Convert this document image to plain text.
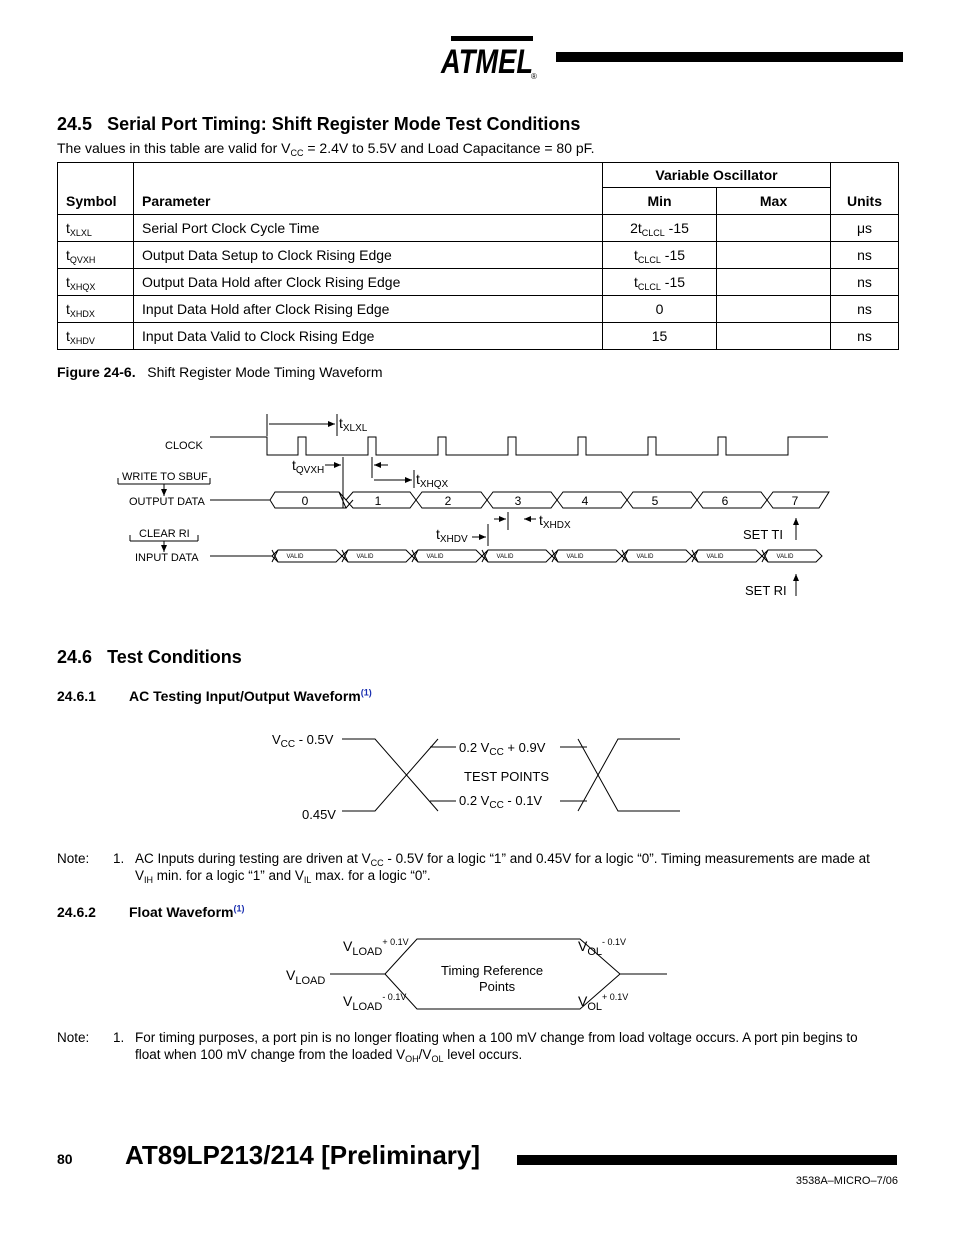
ATMEL
®
24.5 Serial Port Timing: Shift Register Mode Test Conditions
The values in this table are valid for $V_{CC} = 2.4V$ to 5.5V and Load Capacitance = 80 pF.
Symbol	Parameter	Variable Oscillator		Units
		Min	Max	
$t_{XLXL}$	Serial Port Clock Cycle Time	$2t_{CLCL}$ -15		μs
$t_{QVXH}$	Output Data Setup to Clock Rising Edge	$t_{CLCL}$ -15		ns
$t_{XHQX}$	Output Data Hold after Clock Rising Edge	$t_{CLCL}$ -15		ns
$t_{XHDX}$	Input Data Hold after Clock Rising Edge	0		ns
$t_{XHDV}$	Input Data Valid to Clock Rising Edge	15		ns
Figure 24-6. Shift Register Mode Timing Waveform
CLOCK
WRITE TO SBUF
OUTPUT DATA
CLEAR RI
INPUT DATA
$t_{XLXL}$
$t_{QVXH}$
$t_{XHQX}$
$t_{XHDX}$
$t_{XHDV}$
0	1	2	3	4	5	6	7
VALID	VALID	VALID	VALID	VALID	VALID	VALID	VALID
SET TI
SET RI
24.6 Test Conditions
24.6.1 AC Testing Input/Output Waveform$^{(1)}$
$V_{CC} - 0.5V$
0.45V
0.2 $V_{CC} + 0.9V$
TEST POINTS
0.2 $V_{CC} - 0.1V$
Note: 1. AC Inputs during testing are driven at $V_{CC} - 0.5V$ for a logic “1” and 0.45V for a logic “0”. Timing measurements are made at
$V_{IH}$ min. for a logic “1” and $V_{IL}$ max. for a logic “0”.
24.6.2 Float Waveform$^{(1)}$
$V_{LOAD}^{+ 0.1V}$
$V_{LOAD}$
$V_{LOAD}^{- 0.1V}$
$V_{OL}^{- 0.1V}$
$V_{OL}^{+ 0.1V}$
Timing Reference
Points
Note: 1. For timing purposes, a port pin is no longer floating when a 100 mV change from load voltage occurs. A port pin begins to
float when 100 mV change from the loaded $V_{OH}/V_{OL}$ level occurs.
80 AT89LP213/214 [Preliminary]
3538A–MICRO–7/06
